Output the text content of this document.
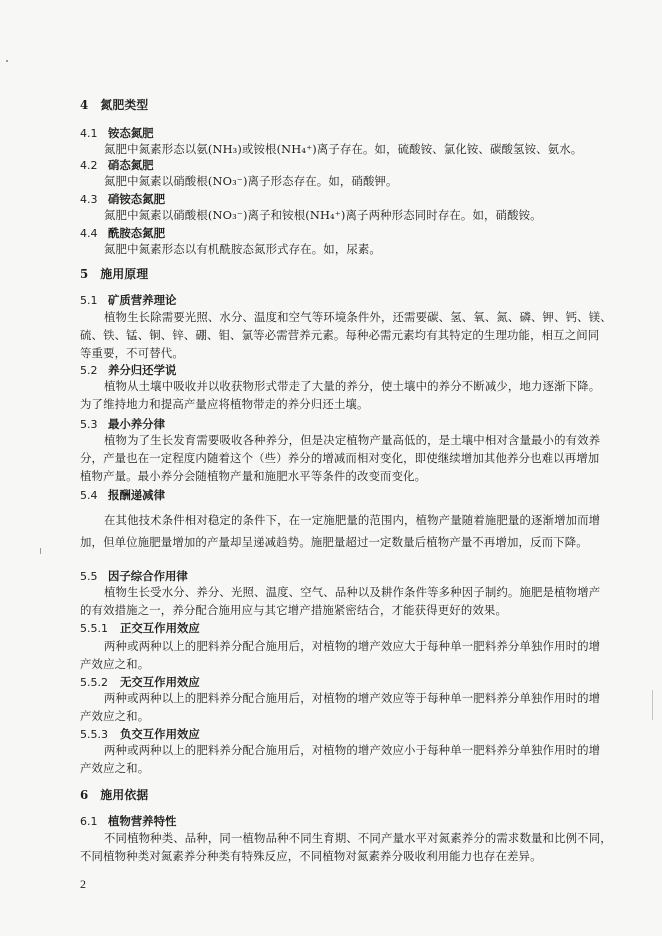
4 氮肥类型
4.1 铵态氮肥
氮肥中氮素形态以氨(NH₃)或铵根(NH₄⁺)离子存在。如，硫酸铵、氯化铵、碳酸氢铵、氨水。
4.2 硝态氮肥
氮肥中氮素以硝酸根(NO₃⁻)离子形态存在。如，硝酸钾。
4.3 硝铵态氮肥
氮肥中氮素以硝酸根(NO₃⁻)离子和铵根(NH₄⁺)离子两种形态同时存在。如，硝酸铵。
4.4 酰胺态氮肥
氮肥中氮素形态以有机酰胺态氮形式存在。如，尿素。
5 施用原理
5.1 矿质营养理论
植物生长除需要光照、水分、温度和空气等环境条件外，还需要碳、氢、氧、氮、磷、钾、钙、镁、
硫、铁、锰、铜、锌、硼、钼、氯等必需营养元素。每种必需元素均有其特定的生理功能，相互之间同
等重要，不可替代。
5.2 养分归还学说
植物从土壤中吸收并以收获物形式带走了大量的养分，使土壤中的养分不断减少，地力逐渐下降。
为了维持地力和提高产量应将植物带走的养分归还土壤。
5.3 最小养分律
植物为了生长发育需要吸收各种养分，但是决定植物产量高低的，是土壤中相对含量最小的有效养
分，产量也在一定程度内随着这个（些）养分的增减而相对变化，即使继续增加其他养分也难以再增加
植物产量。最小养分会随植物产量和施肥水平等条件的改变而变化。
5.4 报酬递减律
在其他技术条件相对稳定的条件下，在一定施肥量的范围内，植物产量随着施肥量的逐渐增加而增
加，但单位施肥量增加的产量却呈递减趋势。施肥量超过一定数量后植物产量不再增加，反而下降。
5.5 因子综合作用律
植物生长受水分、养分、光照、温度、空气、品种以及耕作条件等多种因子制约。施肥是植物增产
的有效措施之一，养分配合施用应与其它增产措施紧密结合，才能获得更好的效果。
5.5.1 正交互作用效应
两种或两种以上的肥料养分配合施用后，对植物的增产效应大于每种单一肥料养分单独作用时的增
产效应之和。
5.5.2 无交互作用效应
两种或两种以上的肥料养分配合施用后，对植物的增产效应等于每种单一肥料养分单独作用时的增
产效应之和。
5.5.3 负交互作用效应
两种或两种以上的肥料养分配合施用后，对植物的增产效应小于每种单一肥料养分单独作用时的增
产效应之和。
6 施用依据
6.1 植物营养特性
不同植物种类、品种，同一植物品种不同生育期、不同产量水平对氮素养分的需求数量和比例不同，
不同植物种类对氮素养分种类有特殊反应，不同植物对氮素养分吸收利用能力也存在差异。
2
